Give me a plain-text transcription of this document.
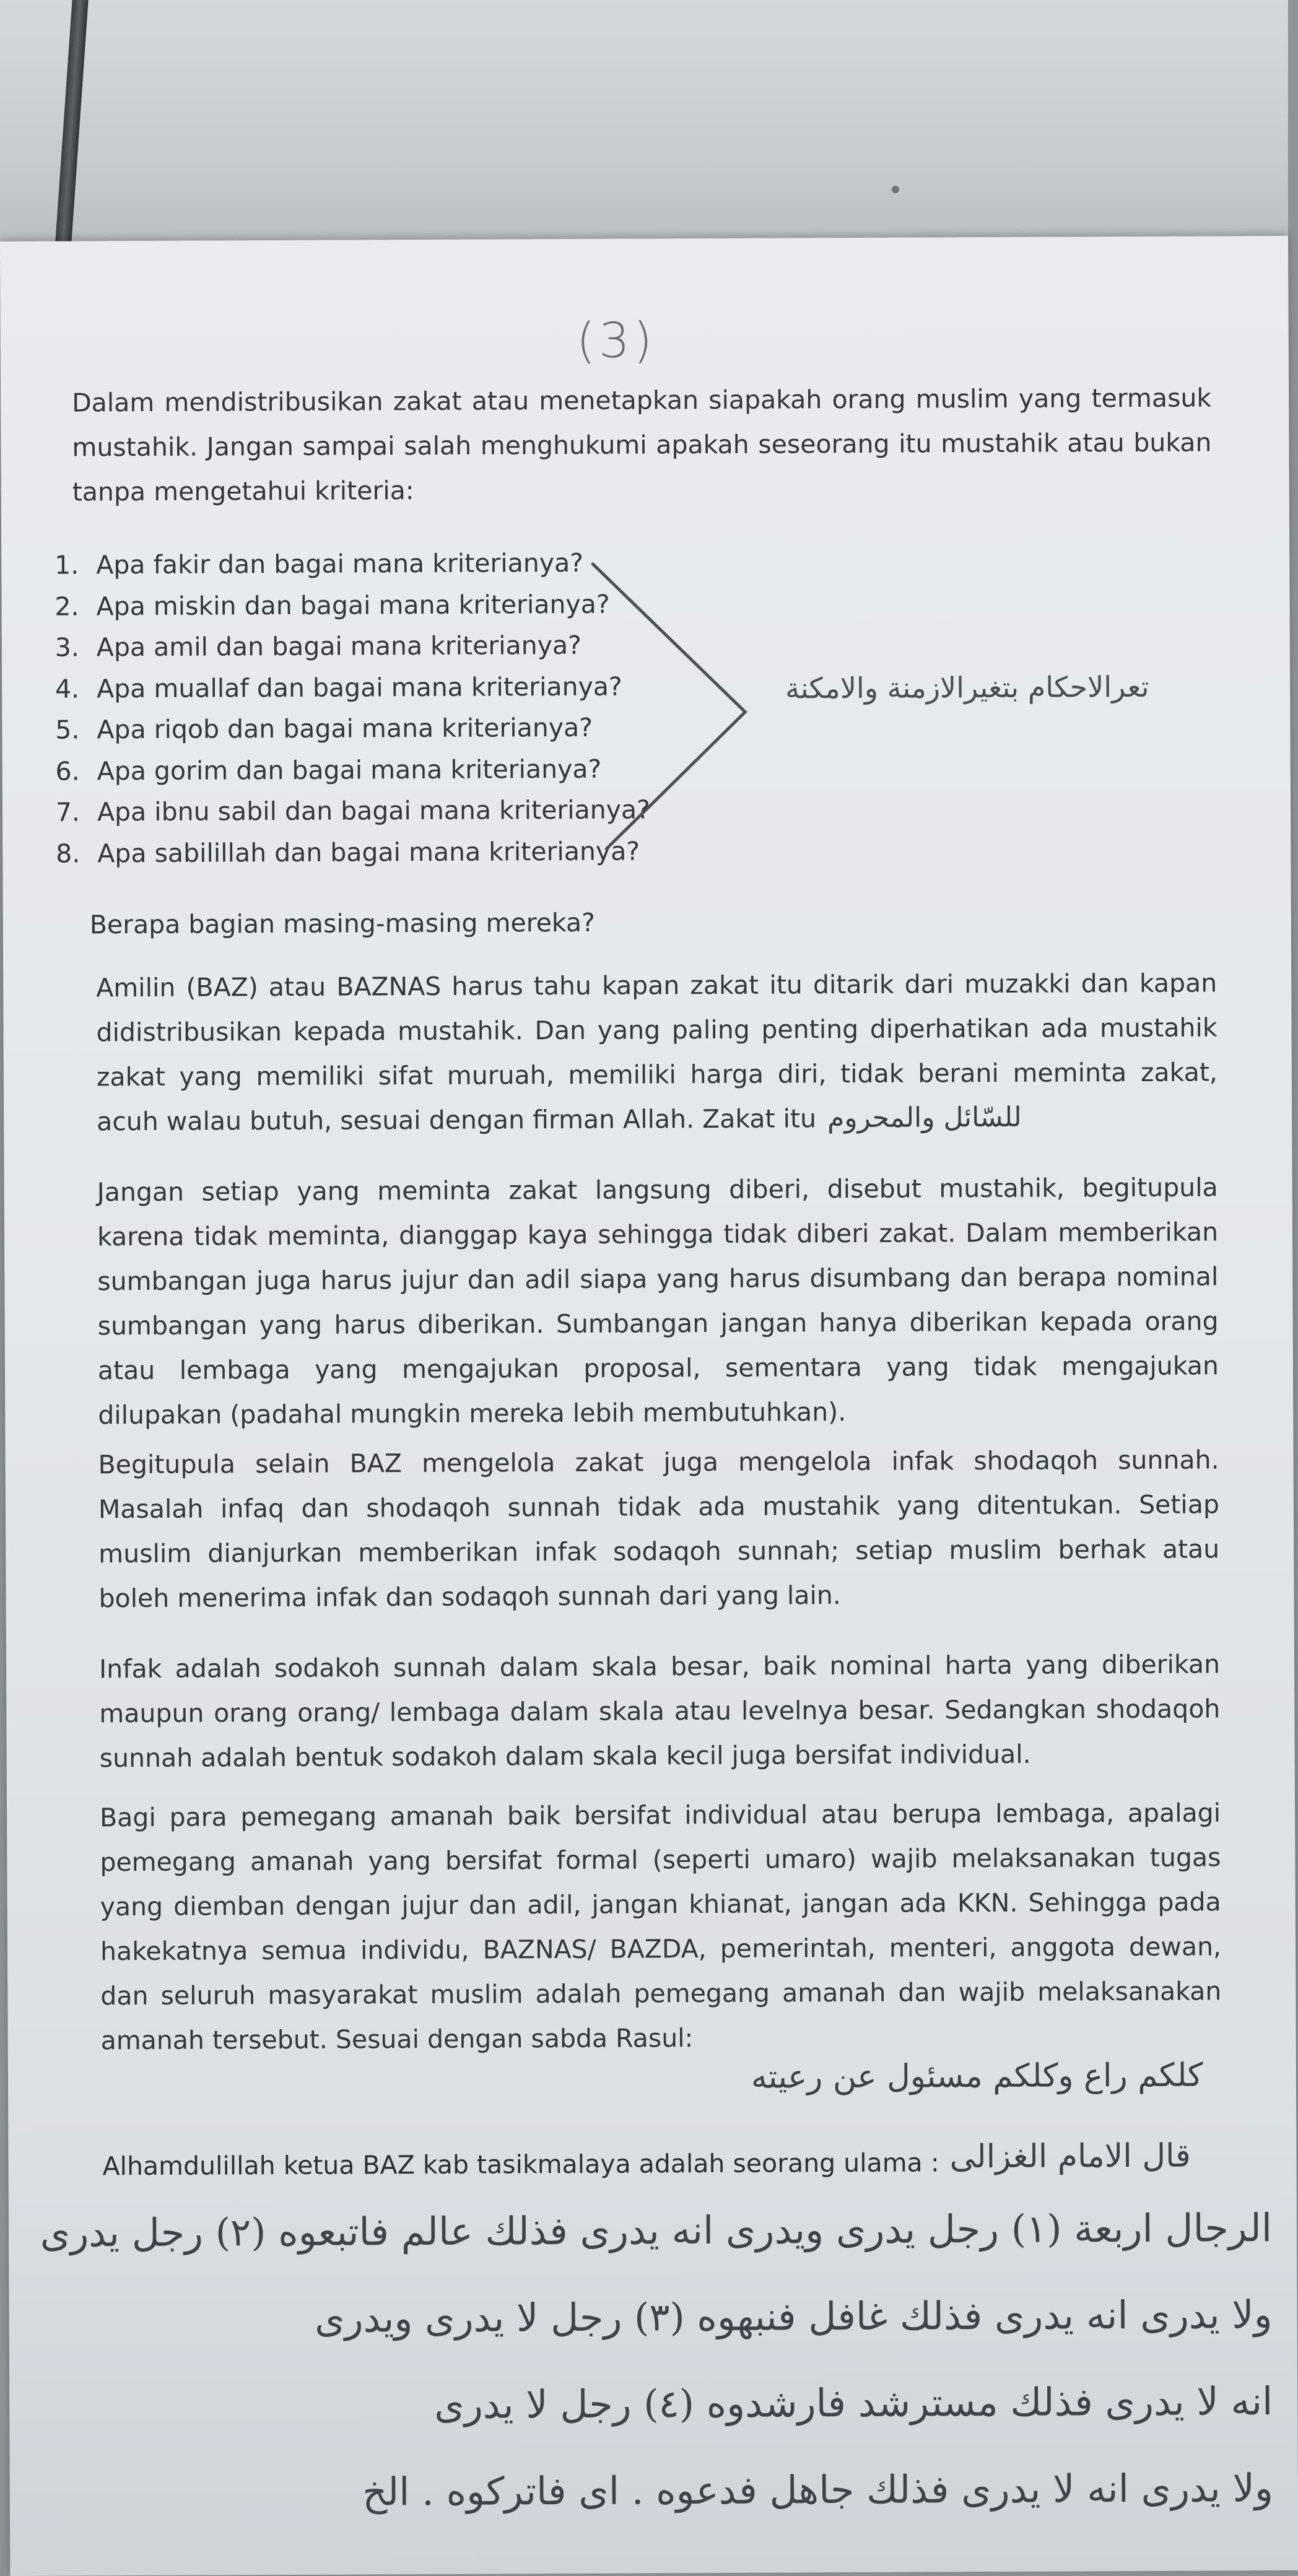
(3)
Dalam mendistribusikan zakat atau menetapkan siapakah orang muslim yang termasuk mustahik. Jangan sampai salah menghukumi apakah seseorang itu mustahik atau bukan tanpa mengetahui kriteria:
1. Apa fakir dan bagai mana kriterianya?
2. Apa miskin dan bagai mana kriterianya?
3. Apa amil dan bagai mana kriterianya?
4. Apa muallaf dan bagai mana kriterianya?
5. Apa riqob dan bagai mana kriterianya?
6. Apa gorim dan bagai mana kriterianya?
7. Apa ibnu sabil dan bagai mana kriterianya?
8. Apa sabilillah dan bagai mana kriterianya?
تعرالاحكام بتغيرالازمنة والامكنة
Berapa bagian masing-masing mereka?
Amilin (BAZ) atau BAZNAS harus tahu kapan zakat itu ditarik dari muzakki dan kapan didistribusikan kepada mustahik. Dan yang paling penting diperhatikan ada mustahik zakat yang memiliki sifat muruah, memiliki harga diri, tidak berani meminta zakat, acuh walau butuh, sesuai dengan firman Allah. Zakat itu للسّائل والمحروم
Jangan setiap yang meminta zakat langsung diberi, disebut mustahik, begitupula karena tidak meminta, dianggap kaya sehingga tidak diberi zakat. Dalam memberikan sumbangan juga harus jujur dan adil siapa yang harus disumbang dan berapa nominal sumbangan yang harus diberikan. Sumbangan jangan hanya diberikan kepada orang atau lembaga yang mengajukan proposal, sementara yang tidak mengajukan dilupakan (padahal mungkin mereka lebih membutuhkan).
Begitupula selain BAZ mengelola zakat juga mengelola infak shodaqoh sunnah. Masalah infaq dan shodaqoh sunnah tidak ada mustahik yang ditentukan. Setiap muslim dianjurkan memberikan infak sodaqoh sunnah; setiap muslim berhak atau boleh menerima infak dan sodaqoh sunnah dari yang lain.
Infak adalah sodakoh sunnah dalam skala besar, baik nominal harta yang diberikan maupun orang orang/ lembaga dalam skala atau levelnya besar. Sedangkan shodaqoh sunnah adalah bentuk sodakoh dalam skala kecil juga bersifat individual.
Bagi para pemegang amanah baik bersifat individual atau berupa lembaga, apalagi pemegang amanah yang bersifat formal (seperti umaro) wajib melaksanakan tugas yang diemban dengan jujur dan adil, jangan khianat, jangan ada KKN. Sehingga pada hakekatnya semua individu, BAZNAS/ BAZDA, pemerintah, menteri, anggota dewan, dan seluruh masyarakat muslim adalah pemegang amanah dan wajib melaksanakan amanah tersebut. Sesuai dengan sabda Rasul:
كلكم راع وكلكم مسئول عن رعيته
Alhamdulillah ketua BAZ kab tasikmalaya adalah seorang ulama : قال الامام الغزالى
الرجال اربعة (١) رجل يدرى ويدرى انه يدرى فذلك عالم فاتبعوه (٢) رجل يدرى
ولا يدرى انه يدرى فذلك غافل فنبهوه (٣) رجل لا يدرى ويدرى
انه لا يدرى فذلك مسترشد فارشدوه (٤) رجل لا يدرى
ولا يدرى انه لا يدرى فذلك جاهل فدعوه . اى فاتركوه . الخ
